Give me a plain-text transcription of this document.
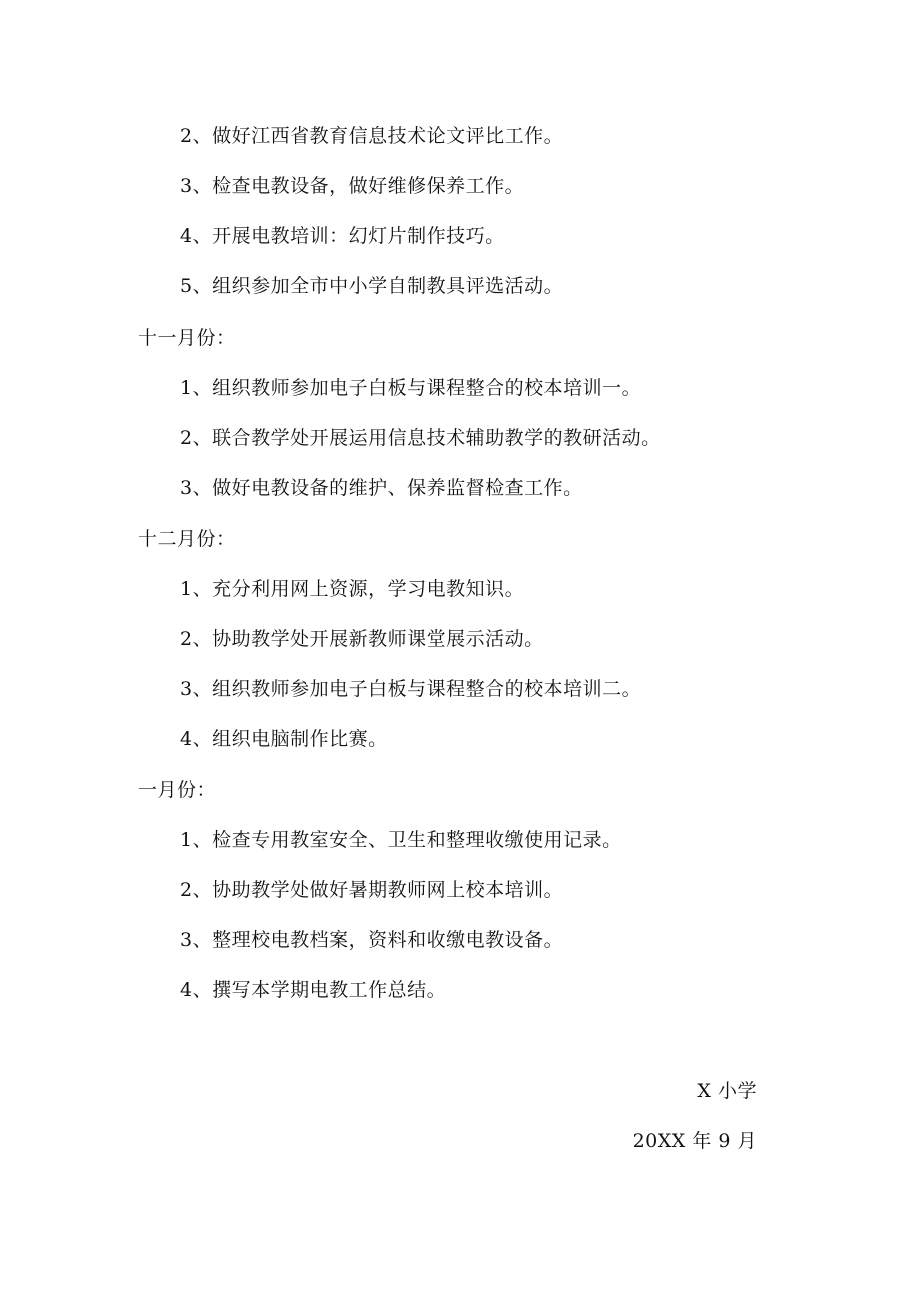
2、做好江西省教育信息技术论文评比工作。
3、检查电教设备，做好维修保养工作。
4、开展电教培训：幻灯片制作技巧。
5、组织参加全市中小学自制教具评选活动。
十一月份：
1、组织教师参加电子白板与课程整合的校本培训一。
2、联合教学处开展运用信息技术辅助教学的教研活动。
3、做好电教设备的维护、保养监督检查工作。
十二月份：
1、充分利用网上资源，学习电教知识。
2、协助教学处开展新教师课堂展示活动。
3、组织教师参加电子白板与课程整合的校本培训二。
4、组织电脑制作比赛。
一月份：
1、检查专用教室安全、卫生和整理收缴使用记录。
2、协助教学处做好暑期教师网上校本培训。
3、整理校电教档案，资料和收缴电教设备。
4、撰写本学期电教工作总结。
X 小学
20XX 年 9 月
